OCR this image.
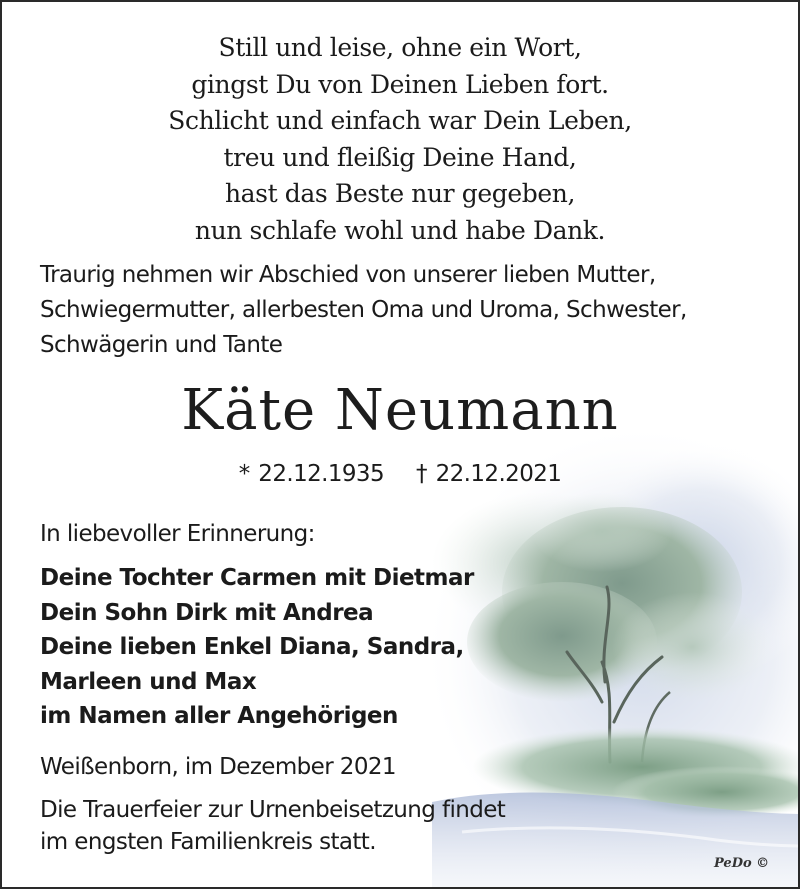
Still und leise, ohne ein Wort,
gingst Du von Deinen Lieben fort.
Schlicht und einfach war Dein Leben,
treu und fleißig Deine Hand,
hast das Beste nur gegeben,
nun schlafe wohl und habe Dank.
Traurig nehmen wir Abschied von unserer lieben Mutter,
Schwiegermutter, allerbesten Oma und Uroma, Schwester,
Schwägerin und Tante
Käte Neumann
* 22.12.1935 † 22.12.2021
In liebevoller Erinnerung:
Deine Tochter Carmen mit Dietmar
Dein Sohn Dirk mit Andrea
Deine lieben Enkel Diana, Sandra,
Marleen und Max
im Namen aller Angehörigen
Weißenborn, im Dezember 2021
Die Trauerfeier zur Urnenbeisetzung findet
im engsten Familienkreis statt.
PeDo ©
